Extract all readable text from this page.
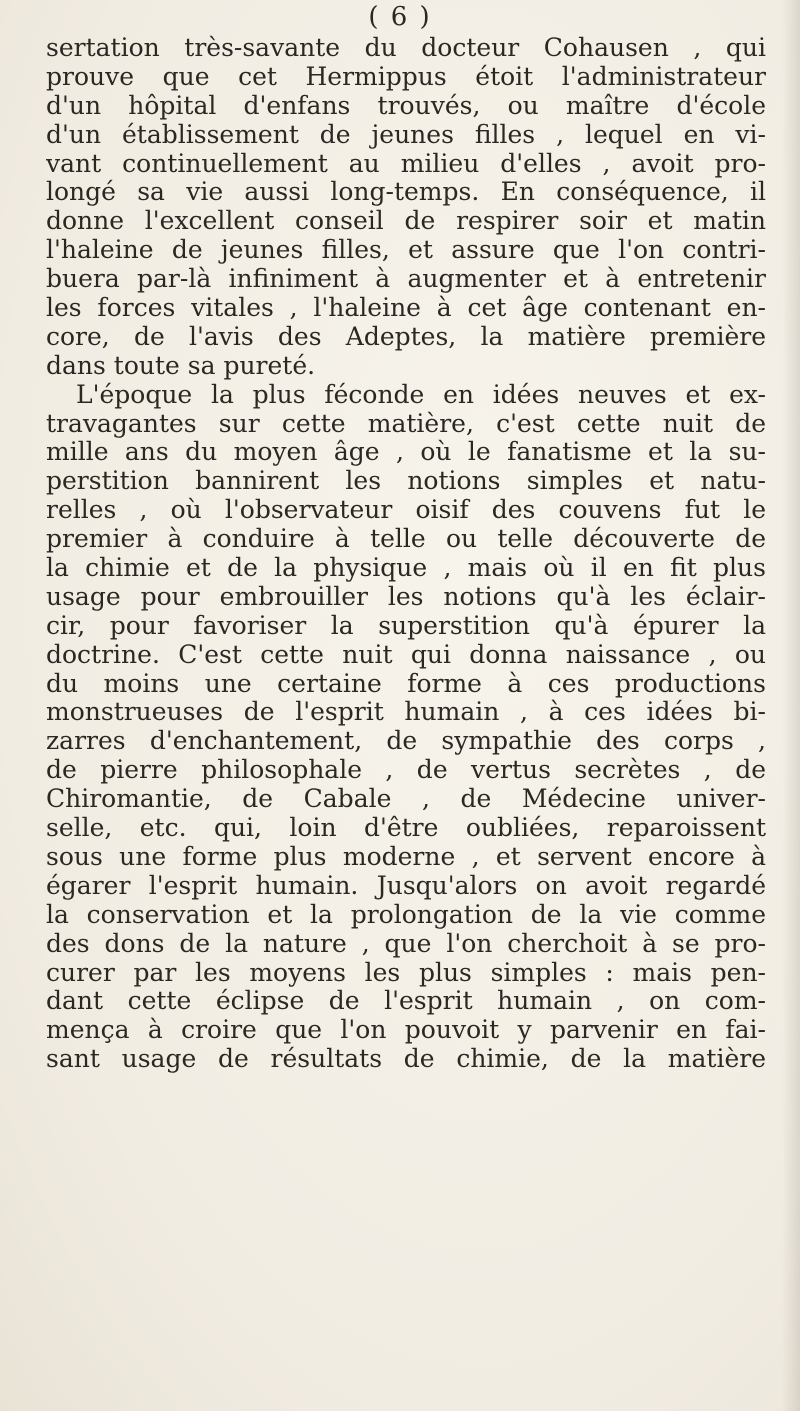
( 6 )
sertation très-savante du docteur Cohausen , qui
prouve que cet Hermippus étoit l'administrateur
d'un hôpital d'enfans trouvés, ou maître d'école
d'un établissement de jeunes filles , lequel en vi-
vant continuellement au milieu d'elles , avoit pro-
longé sa vie aussi long-temps. En conséquence, il
donne l'excellent conseil de respirer soir et matin
l'haleine de jeunes filles, et assure que l'on contri-
buera par-là infiniment à augmenter et à entretenir
les forces vitales , l'haleine à cet âge contenant en-
core, de l'avis des Adeptes, la matière première
dans toute sa pureté.
L'époque la plus féconde en idées neuves et ex-
travagantes sur cette matière, c'est cette nuit de
mille ans du moyen âge , où le fanatisme et la su-
perstition bannirent les notions simples et natu-
relles , où l'observateur oisif des couvens fut le
premier à conduire à telle ou telle découverte de
la chimie et de la physique , mais où il en fit plus
usage pour embrouiller les notions qu'à les éclair-
cir, pour favoriser la superstition qu'à épurer la
doctrine. C'est cette nuit qui donna naissance , ou
du moins une certaine forme à ces productions
monstrueuses de l'esprit humain , à ces idées bi-
zarres d'enchantement, de sympathie des corps ,
de pierre philosophale , de vertus secrètes , de
Chiromantie, de Cabale , de Médecine univer-
selle, etc. qui, loin d'être oubliées, reparoissent
sous une forme plus moderne , et servent encore à
égarer l'esprit humain. Jusqu'alors on avoit regardé
la conservation et la prolongation de la vie comme
des dons de la nature , que l'on cherchoit à se pro-
curer par les moyens les plus simples : mais pen-
dant cette éclipse de l'esprit humain , on com-
mença à croire que l'on pouvoit y parvenir en fai-
sant usage de résultats de chimie, de la matière
